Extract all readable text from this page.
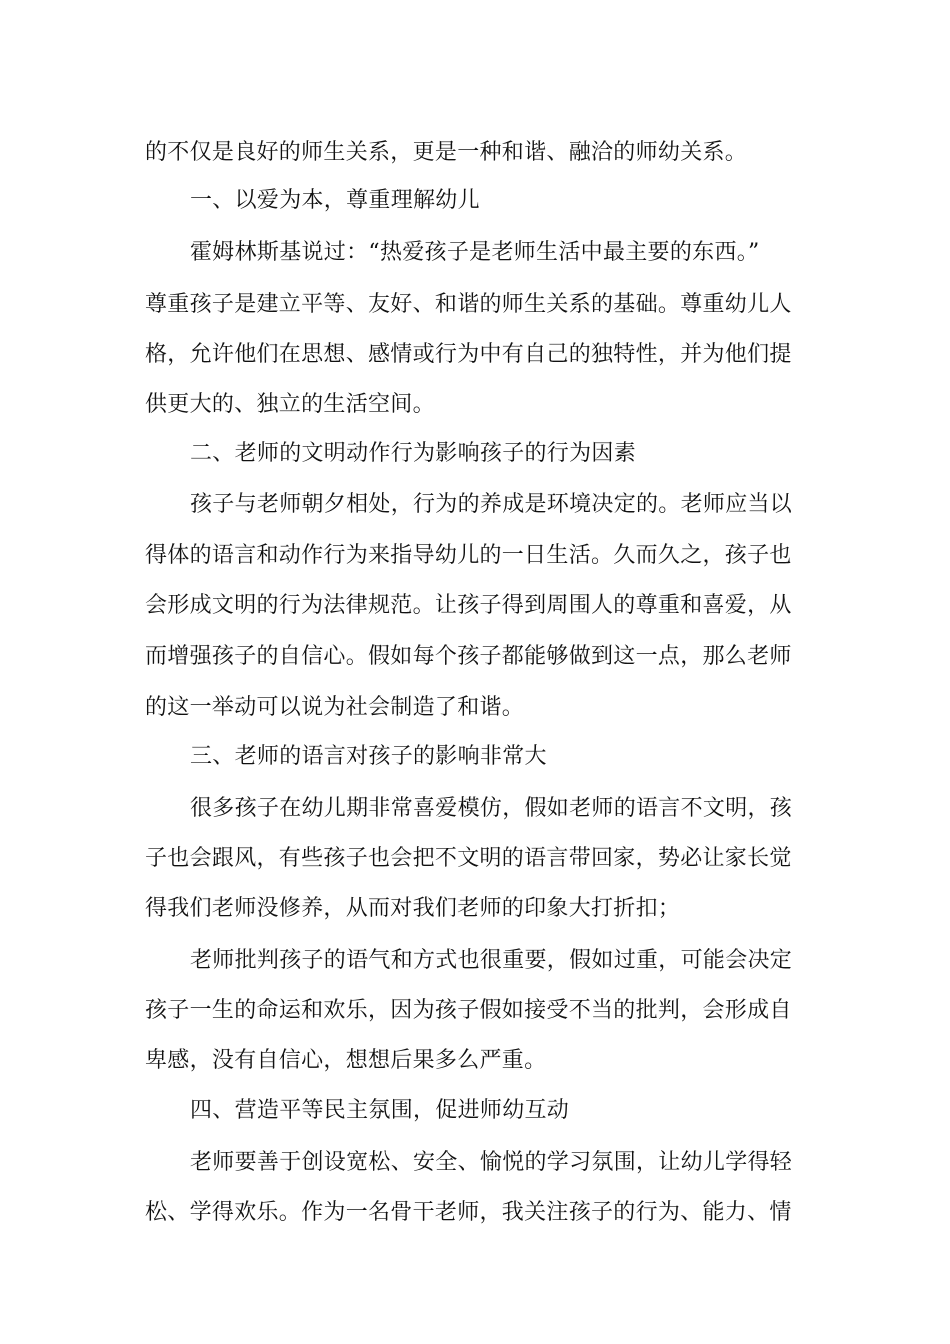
的不仅是良好的师生关系，更是一种和谐、融洽的师幼关系。
一、以爱为本，尊重理解幼儿
霍姆林斯基说过：“热爱孩子是老师生活中最主要的东西。”
尊重孩子是建立平等、友好、和谐的师生关系的基础。尊重幼儿人
格，允许他们在思想、感情或行为中有自己的独特性，并为他们提
供更大的、独立的生活空间。
二、老师的文明动作行为影响孩子的行为因素
孩子与老师朝夕相处，行为的养成是环境决定的。老师应当以
得体的语言和动作行为来指导幼儿的一日生活。久而久之，孩子也
会形成文明的行为法律规范。让孩子得到周围人的尊重和喜爱，从
而增强孩子的自信心。假如每个孩子都能够做到这一点，那么老师
的这一举动可以说为社会制造了和谐。
三、老师的语言对孩子的影响非常大
很多孩子在幼儿期非常喜爱模仿，假如老师的语言不文明，孩
子也会跟风，有些孩子也会把不文明的语言带回家，势必让家长觉
得我们老师没修养，从而对我们老师的印象大打折扣；
老师批判孩子的语气和方式也很重要，假如过重，可能会决定
孩子一生的命运和欢乐，因为孩子假如接受不当的批判，会形成自
卑感，没有自信心，想想后果多么严重。
四、营造平等民主氛围，促进师幼互动
老师要善于创设宽松、安全、愉悦的学习氛围，让幼儿学得轻
松、学得欢乐。作为一名骨干老师，我关注孩子的行为、能力、情
